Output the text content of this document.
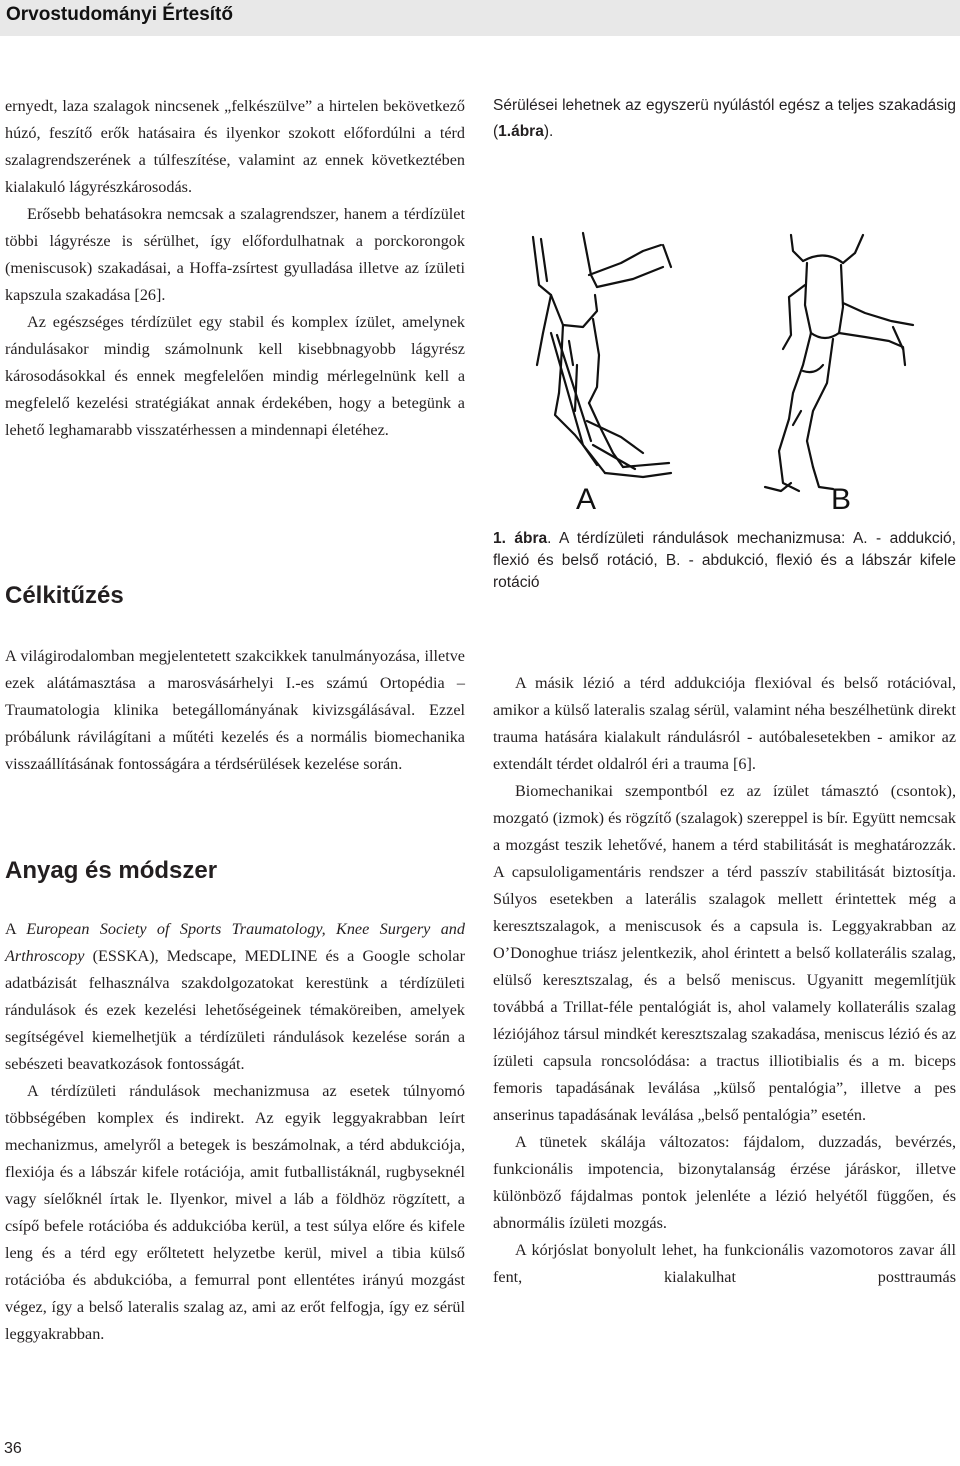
Orvostudományi Értesítő

ernyedt, laza szalagok nincsenek „felkészülve” a hirtelen bekövetkező húzó, feszítő erők hatásaira és ilyenkor szokott előfordúlni a térd szalagrendszerének a túlfeszítése, valamint az ennek következtében kialakuló lágyrészkárosodás.

Erősebb behatásokra nemcsak a szalagrendszer, hanem a térdízület többi lágyrésze is sérülhet, így előfordulhatnak a porckorongok (meniscusok) szakadásai, a Hoffa-zsírtest gyulladása illetve az ízületi kapszula szakadása [26].

Az egészséges térdízület egy stabil és komplex ízület, amelynek rándulásakor mindig számolnunk kell kisebbnagyobb lágyrész károsodásokkal és ennek megfelelően mindig mérlegelnünk kell a megfelelő kezelési stratégiákat annak érdekében, hogy a betegünk a lehető leghamarabb visszatérhessen a mindennapi életéhez.

Célkitűzés

A világirodalomban megjelentetett szakcikkek tanulmányozása, illetve ezek alátámasztása a marosvásárhelyi I.-es számú Ortopédia – Traumatologia klinika betegállományának kivizsgálásával. Ezzel próbálunk rávilágítani a műtéti kezelés és a normális biomechanika visszaállításának fontosságára a térdsérülések kezelése során.

Anyag és módszer

A European Society of Sports Traumatology, Knee Surgery and Arthroscopy (ESSKA), Medscape, MEDLINE és a Google scholar adatbázisát felhasználva szakdolgozatokat kerestünk a térdízületi rándulások és ezek kezelési lehetőségeinek témaköreiben, amelyek segítségével kiemelhetjük a térdízületi rándulások kezelése során a sebészeti beavatkozások fontosságát.

A térdízületi rándulások mechanizmusa az esetek túlnyomó többségében komplex és indirekt. Az egyik leggyakrabban leírt mechanizmus, amelyről a betegek is beszámolnak, a térd abdukciója, flexiója és a lábszár kifele rotációja, amit futballistáknál, rugbyseknél vagy síelőknél írtak le. Ilyenkor, mivel a láb a földhöz rögzített, a csípő befele rotációba és addukcióba kerül, a test súlya előre és kifele leng és a térd egy erőltetett helyzetbe kerül, mivel a tibia külső rotációba és abdukcióba, a femurral pont ellentétes irányú mozgást végez, így a belső lateralis szalag az, ami az erőt felfogja, így ez sérül leggyakrabban.

Sérülései lehetnek az egyszerü nyúlástól egész a teljes szakadásig (1.ábra).

A	B
1. ábra. A térdízületi rándulások mechanizmusa: A. - addukció, flexió és belső rotáció, B. - abdukció, flexió és a lábszár kifele rotáció

A másik lézió a térd addukciója flexióval és belső rotációval, amikor a külső lateralis szalag sérül, valamint néha beszélhetünk direkt trauma hatására kialakult rándulásról - autóbalesetekben - amikor az extendált térdet oldalról éri a trauma [6].

Biomechanikai szempontból ez az ízület támasztó (csontok), mozgató (izmok) és rögzítő (szalagok) szereppel is bír. Együtt nemcsak a mozgást teszik lehetővé, hanem a térd stabilitását is meghatározzák. A capsuloligamentáris rendszer a térd passzív stabilitását biztosítja. Súlyos esetekben a laterális szalagok mellett érintettek még a keresztszalagok, a meniscusok és a capsula is. Leggyakrabban az O’Donoghue triász jelentkezik, ahol érintett a belső kollaterális szalag, elülső keresztszalag, és a belső meniscus. Ugyanitt megemlítjük továbbá a Trillat-féle pentalógiát is, ahol valamely kollaterális szalag léziójához társul mindkét keresztszalag szakadása, meniscus lézió és az ízületi capsula roncsolódása: a tractus illiotibialis és a m. biceps femoris tapadásának leválása „külső pentalógia”, illetve a pes anserinus tapadásának leválása „belső pentalógia” esetén.

A tünetek skálája változatos: fájdalom, duzzadás, bevérzés, funkcionális impotencia, bizonytalanság érzése járáskor, illetve különböző fájdalmas pontok jelenléte a lézió helyétől függően, és abnormális ízületi mozgás.

A kórjóslat bonyolult lehet, ha funkcionális vazomotoros zavar áll fent, kialakulhat posttraumás

36
